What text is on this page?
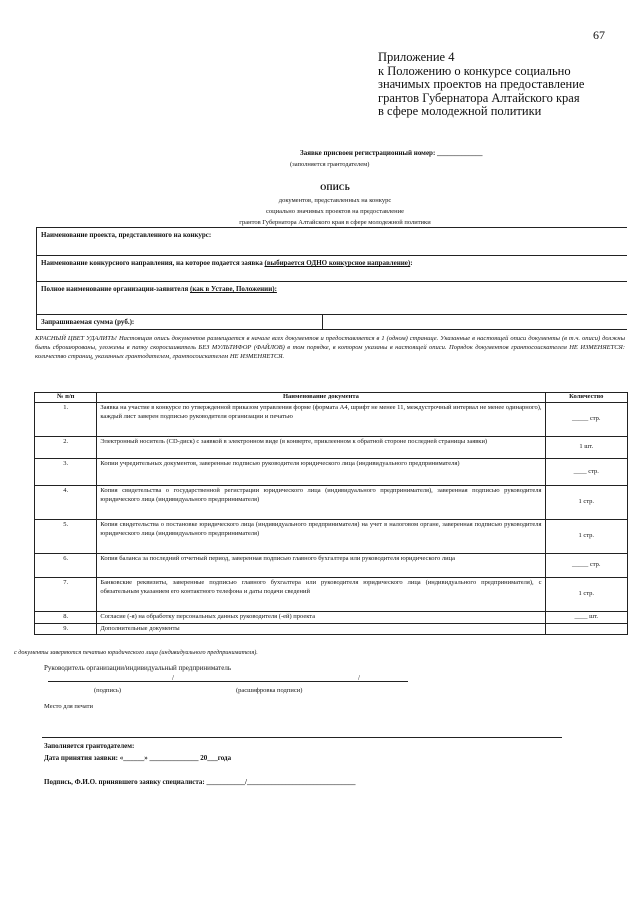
67
Приложение 4
к Положению о конкурсе социально
значимых проектов на предоставление
грантов Губернатора Алтайского края
в сфере молодежной политики
Заявке присвоен регистрационный номер: _____________
(заполняется грантодателем)
ОПИСЬ
документов, представленных на конкурс
социально значимых проектов на предоставление
грантов Губернатора Алтайского края в сфере молодежной политики
Наименование проекта, представленного на конкурс:
Наименование конкурсного направления, на которое подается заявка (выбирается ОДНО конкурсное направление):
Полное наименование организации-заявителя (как в Уставе, Положении):
Запрашиваемая сумма (руб.):
КРАСНЫЙ ЦВЕТ УДАЛИТЬ! Настоящая опись документов размещается в начале всех документов и предоставляется в 1 (одном) странице. Указанные в настоящей описи документы (в т.ч. описи) должны быть сброшюрованы, уложены в папку скоросшиватель БЕЗ МУЛЬТИФОР (ФАЙЛОВ) в том порядке, в котором указаны в настоящей описи. Порядок документов грантосоискателем НЕ ИЗМЕНЯЕТСЯ: количество страниц, указанных грантодателем, грантосоискателем НЕ ИЗМЕНЯЕТСЯ.
№ п/п	Наименование документа	Количество
1.	Заявка на участие в конкурсе по утвержденной приказом управления форме (формата А4, шрифт не менее 11, междустрочный интервал не менее одинарного), каждый лист заверен подписью руководителя организации и печатью	_____ стр.
2.	Электронный носитель (CD-диск) с заявкой в электронном виде (в конверте, приклеенном к обратной стороне последней страницы заявки)	1 шт.
3.	Копии учредительных документов, заверенные подписью руководителя юридического лица (индивидуального предпринимателя)	____ стр.
4.	Копия свидетельства о государственной регистрации юридического лица (индивидуального предпринимателя), заверенная подписью руководителя юридического лица (индивидуального предпринимателя)	1 стр.
5.	Копия свидетельства о постановке юридического лица (индивидуального предпринимателя) на учет в налоговом органе, заверенная подписью руководителя юридического лица (индивидуального предпринимателя)	1 стр.
6.	Копия баланса за последний отчетный период, заверенная подписью главного бухгалтера или руководителя юридического лица	_____ стр.
7.	Банковские реквизиты, заверенные подписью главного бухгалтера или руководителя юридического лица (индивидуального предпринимателя), с обязательным указанием его контактного телефона и даты подачи сведений	1 стр.
8.	Согласие (-я) на обработку персональных данных руководителя (-ей) проекта	____ шт.
9.	Дополнительные документы	
с документы заверяются печатью юридического лица (индивидуального предпринимателя).
Руководитель организации/индивидуальный предприниматель
/	/
(подпись)	(расшифровка подписи)
Место для печати
Заполняется грантодателем:
Дата принятия заявки: «______» ______________ 20___года
Подпись, Ф.И.О. принявшего заявку специалиста: ___________/_______________________________
